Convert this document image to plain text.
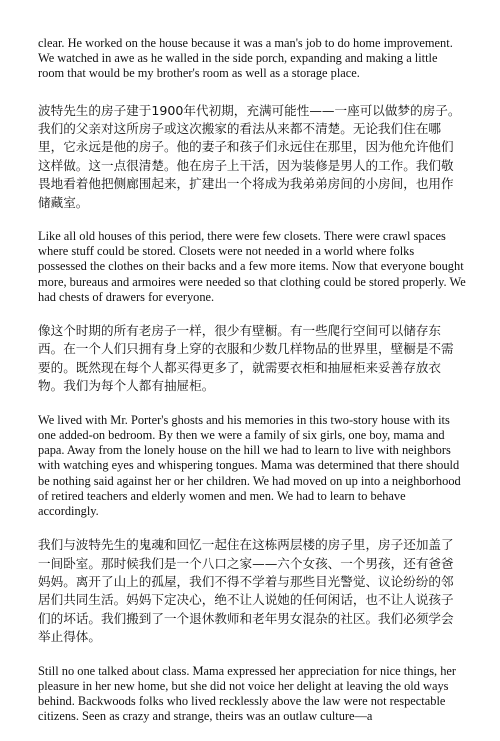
clear. He worked on the house because it was a man's job to do home improvement. We watched in awe as he walled in the side porch, expanding and making a little room that would be my brother's room as well as a storage place.

波特先生的房子建于1900年代初期，充满可能性——一座可以做梦的房子。我们的父亲对这所房子或这次搬家的看法从来都不清楚。无论我们住在哪里，它永远是他的房子。他的妻子和孩子们永远住在那里，因为他允许他们这样做。这一点很清楚。他在房子上干活，因为装修是男人的工作。我们敬畏地看着他把侧廊围起来，扩建出一个将成为我弟弟房间的小房间，也用作储藏室。

Like all old houses of this period, there were few closets. There were crawl spaces where stuff could be stored. Closets were not needed in a world where folks possessed the clothes on their backs and a few more items. Now that everyone bought more, bureaus and armoires were needed so that clothing could be stored properly. We had chests of drawers for everyone.

像这个时期的所有老房子一样，很少有壁橱。有一些爬行空间可以储存东西。在一个人们只拥有身上穿的衣服和少数几样物品的世界里，壁橱是不需要的。既然现在每个人都买得更多了，就需要衣柜和抽屉柜来妥善存放衣物。我们为每个人都有抽屉柜。

We lived with Mr. Porter's ghosts and his memories in this two-story house with its one added-on bedroom. By then we were a family of six girls, one boy, mama and papa. Away from the lonely house on the hill we had to learn to live with neighbors with watching eyes and whispering tongues. Mama was determined that there should be nothing said against her or her children. We had moved on up into a neighborhood of retired teachers and elderly women and men. We had to learn to behave accordingly.

我们与波特先生的鬼魂和回忆一起住在这栋两层楼的房子里，房子还加盖了一间卧室。那时候我们是一个八口之家——六个女孩、一个男孩，还有爸爸妈妈。离开了山上的孤屋，我们不得不学着与那些目光警觉、议论纷纷的邻居们共同生活。妈妈下定决心，绝不让人说她的任何闲话，也不让人说孩子们的坏话。我们搬到了一个退休教师和老年男女混杂的社区。我们必须学会举止得体。

Still no one talked about class. Mama expressed her appreciation for nice things, her pleasure in her new home, but she did not voice her delight at leaving the old ways behind. Backwoods folks who lived recklessly above the law were not respectable citizens. Seen as crazy and strange, theirs was an outlaw culture—a
